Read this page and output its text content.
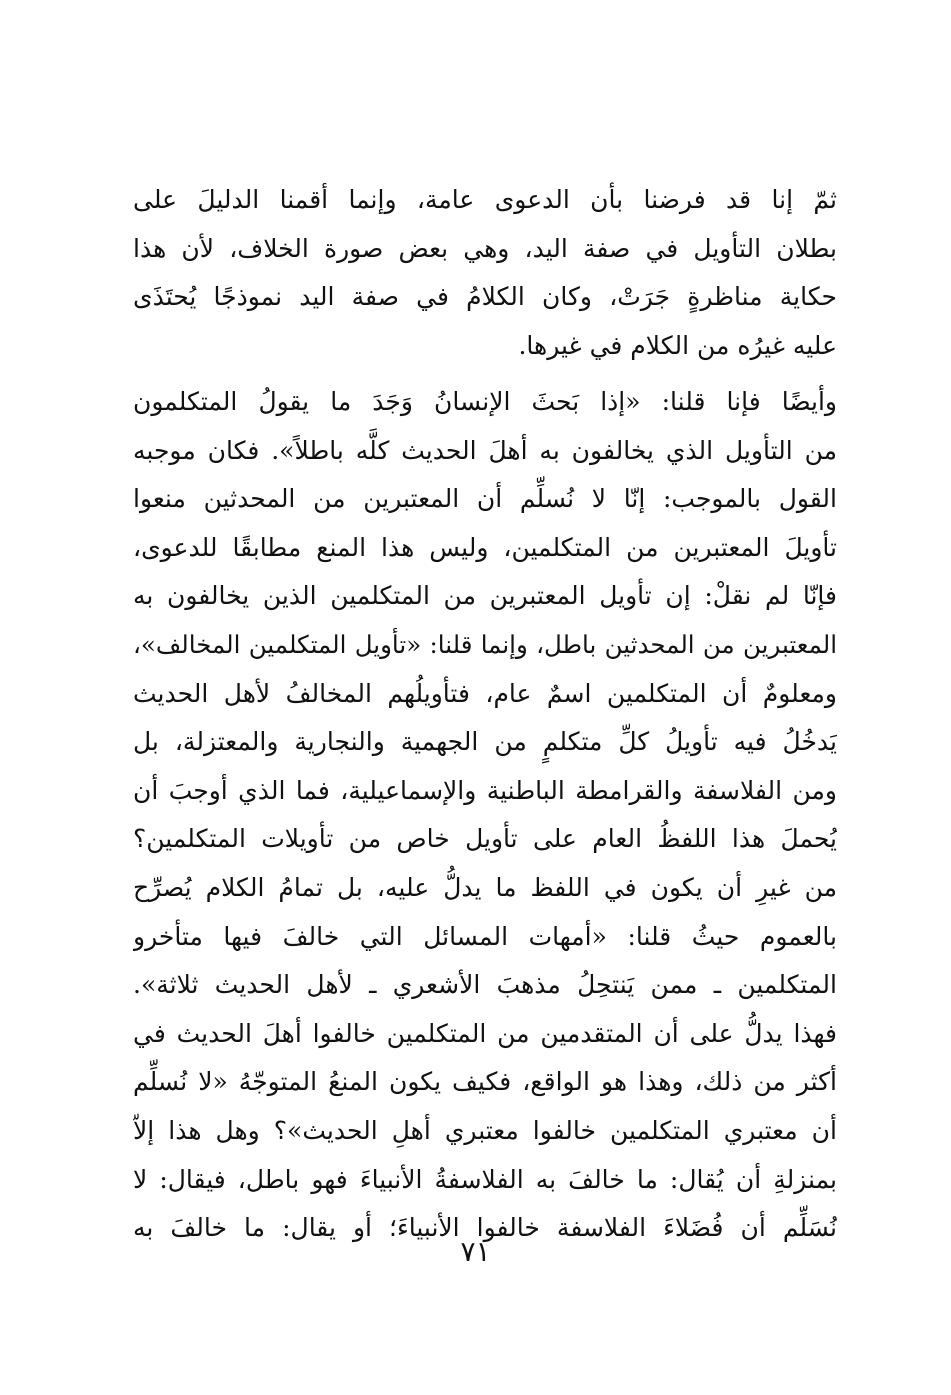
ثمّ إنا قد فرضنا بأن الدعوى عامة، وإنما أقمنا الدليلَ على
بطلان التأويل في صفة اليد، وهي بعض صورة الخلاف، لأن هذا
حكاية مناظرةٍ جَرَتْ، وكان الكلامُ في صفة اليد نموذجًا يُحتَذَى
عليه غيرُه من الكلام في غيرها.
وأيضًا فإنا قلنا: «إذا بَحثَ الإنسانُ وَجَدَ ما يقولُ المتكلمون
من التأويل الذي يخالفون به أهلَ الحديث كلَّه باطلاً». فكان موجبه
القول بالموجب: إنّا لا نُسلِّم أن المعتبرين من المحدثين منعوا
تأويلَ المعتبرين من المتكلمين، وليس هذا المنع مطابقًا للدعوى،
فإنّا لم نقلْ: إن تأويل المعتبرين من المتكلمين الذين يخالفون به
المعتبرين من المحدثين باطل، وإنما قلنا: «تأويل المتكلمين المخالف»،
ومعلومٌ أن المتكلمين اسمٌ عام، فتأويلُهم المخالفُ لأهل الحديث
يَدخُلُ فيه تأويلُ كلِّ متكلمٍ من الجهمية والنجارية والمعتزلة، بل
ومن الفلاسفة والقرامطة الباطنية والإسماعيلية، فما الذي أوجبَ أن
يُحملَ هذا اللفظُ العام على تأويل خاص من تأويلات المتكلمين؟
من غيرِ أن يكون في اللفظ ما يدلُّ عليه، بل تمامُ الكلام يُصرِّح
بالعموم حيثُ قلنا: «أمهات المسائل التي خالفَ فيها متأخرو
المتكلمين ـ ممن يَنتحِلُ مذهبَ الأشعري ـ لأهل الحديث ثلاثة».
فهذا يدلُّ على أن المتقدمين من المتكلمين خالفوا أهلَ الحديث في
أكثر من ذلك، وهذا هو الواقع، فكيف يكون المنعُ المتوجّهُ «لا نُسلِّم
أن معتبري المتكلمين خالفوا معتبري أهلِ الحديث»؟ وهل هذا إلاّ
بمنزلةِ أن يُقال: ما خالفَ به الفلاسفةُ الأنبياءَ فهو باطل، فيقال: لا
نُسَلِّم أن فُضَلاءَ الفلاسفة خالفوا الأنبياءَ؛ أو يقال: ما خالفَ به
٧١
